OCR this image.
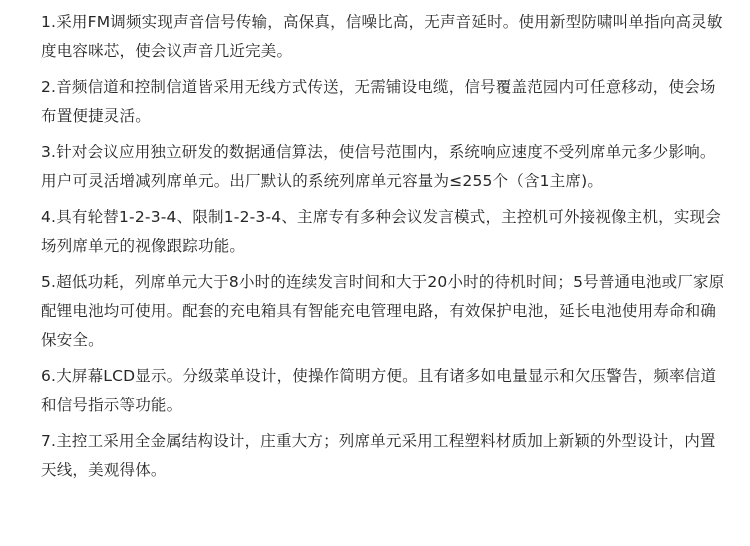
1.采用FM调频实现声音信号传输，高保真，信噪比高，无声音延时。使用新型防啸叫单指向高灵敏度电容咪芯，使会议声音几近完美。
2.音频信道和控制信道皆采用无线方式传送，无需铺设电缆，信号覆盖范园内可任意移动，使会场布置便捷灵活。
3.针对会议应用独立研发的数据通信算法，使信号范围内，系统响应速度不受列席单元多少影响。用户可灵活增减列席单元。出厂默认的系统列席单元容量为≤255个（含1主席)。
4.具有轮替1-2-3-4、限制1-2-3-4、主席专有多种会议发言模式，主控机可外接视像主机，实现会场列席单元的视像跟踪功能。
5.超低功耗，列席单元大于8小时的连续发言时间和大于20小时的待机时间；5号普通电池或厂家原配锂电池均可使用。配套的充电箱具有智能充电管理电路，有效保护电池，延长电池使用寿命和确保安全。
6.大屏幕LCD显示。分级菜单设计，使操作简明方便。且有诸多如电量显示和欠压警告，频率信道和信号指示等功能。
7.主控工采用全金属结构设计，庄重大方；列席单元采用工程塑料材质加上新颖的外型设计，内置天线，美观得体。
